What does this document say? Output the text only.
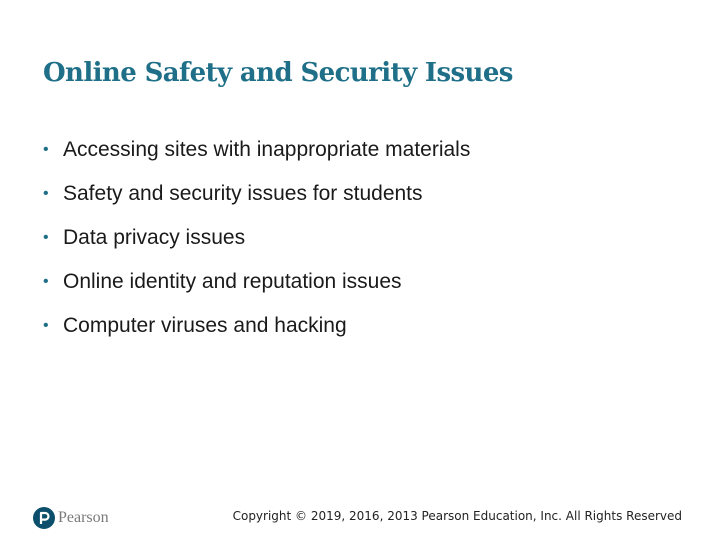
Online Safety and Security Issues
• Accessing sites with inappropriate materials
• Safety and security issues for students
• Data privacy issues
• Online identity and reputation issues
• Computer viruses and hacking
Pearson	Copyright © 2019, 2016, 2013 Pearson Education, Inc. All Rights Reserved
